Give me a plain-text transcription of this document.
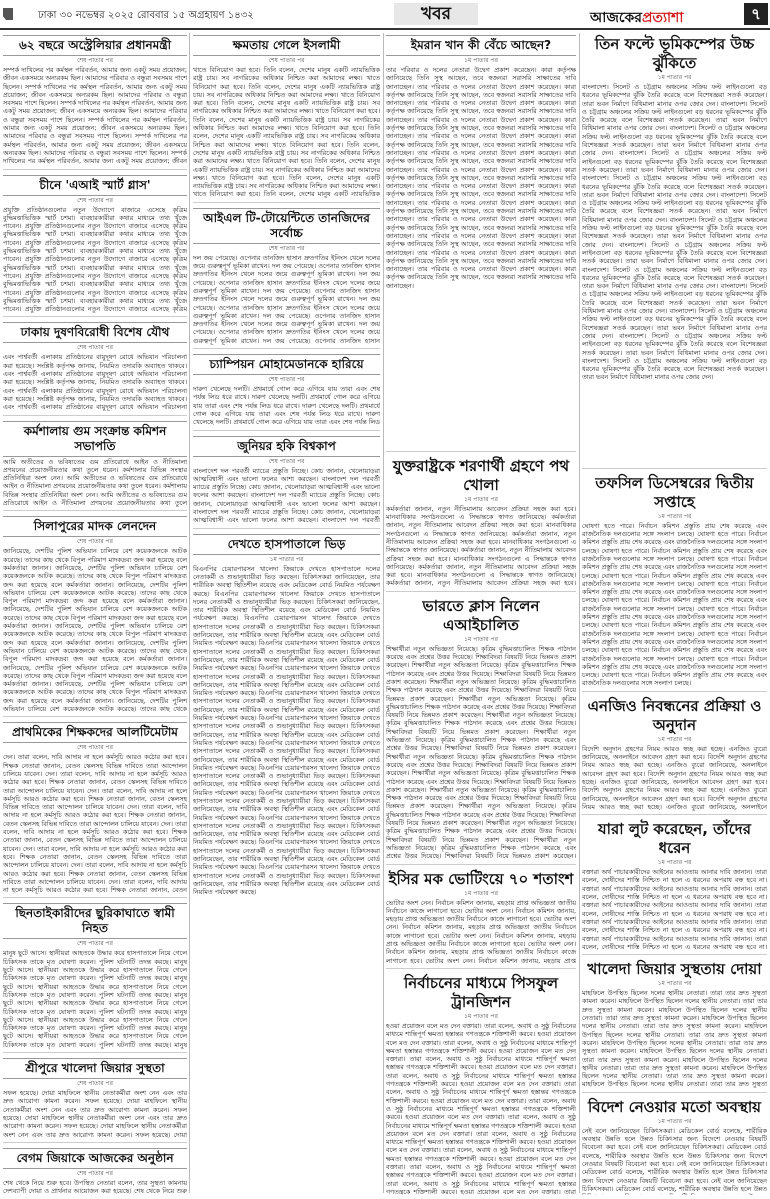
ঢাকা ৩০ নভেম্বর ২০২৫ রোববার ১৫ অগ্রহায়ণ ১৪৩২	খবর	আজকেরপ্রত্যাশা	৭
৬২ বছরে অস্ট্রেলিয়ার প্রধানমন্ত্রী
শেষ পাতার পর
সম্পর্ক দাখিলের পর কর্মস্থল পরিবর্তন, আমার জন্য একটু সময় প্রয়োজন; জীবন একসময়ে অন্যরকম ছিল। আমাদের পরিবার ও বন্ধুরা সবসময় পাশে ছিলেন। সম্পর্ক দাখিলের পর কর্মস্থল পরিবর্তন, আমার জন্য একটু সময় প্রয়োজন; জীবন একসময়ে অন্যরকম ছিল। আমাদের পরিবার ও বন্ধুরা সবসময় পাশে ছিলেন। সম্পর্ক দাখিলের পর কর্মস্থল পরিবর্তন, আমার জন্য একটু সময় প্রয়োজন; জীবন একসময়ে অন্যরকম ছিল। আমাদের পরিবার ও বন্ধুরা সবসময় পাশে ছিলেন। সম্পর্ক দাখিলের পর কর্মস্থল পরিবর্তন, আমার জন্য একটু সময় প্রয়োজন; জীবন একসময়ে অন্যরকম ছিল। আমাদের পরিবার ও বন্ধুরা সবসময় পাশে ছিলেন। সম্পর্ক দাখিলের পর কর্মস্থল পরিবর্তন, আমার জন্য একটু সময় প্রয়োজন; জীবন একসময়ে অন্যরকম ছিল। আমাদের পরিবার ও বন্ধুরা সবসময় পাশে ছিলেন। সম্পর্ক দাখিলের পর কর্মস্থল পরিবর্তন, আমার জন্য একটু সময় প্রয়োজন; জীবন
চীনে 'এআই স্মার্ট গ্লাস'
শেষ পাতার পর
প্রযুক্তি প্রতিষ্ঠানগুলোর নতুন উদ্যোগে বাজারে এসেছে কৃত্রিম বুদ্ধিমত্তাভিত্তিক স্মার্ট চশমা। ব্যবহারকারীরা কথার মাধ্যমে তথ্য খুঁজে পাবেন। প্রযুক্তি প্রতিষ্ঠানগুলোর নতুন উদ্যোগে বাজারে এসেছে কৃত্রিম বুদ্ধিমত্তাভিত্তিক স্মার্ট চশমা। ব্যবহারকারীরা কথার মাধ্যমে তথ্য খুঁজে পাবেন। প্রযুক্তি প্রতিষ্ঠানগুলোর নতুন উদ্যোগে বাজারে এসেছে কৃত্রিম বুদ্ধিমত্তাভিত্তিক স্মার্ট চশমা। ব্যবহারকারীরা কথার মাধ্যমে তথ্য খুঁজে পাবেন। প্রযুক্তি প্রতিষ্ঠানগুলোর নতুন উদ্যোগে বাজারে এসেছে কৃত্রিম বুদ্ধিমত্তাভিত্তিক স্মার্ট চশমা। ব্যবহারকারীরা কথার মাধ্যমে তথ্য খুঁজে পাবেন। প্রযুক্তি প্রতিষ্ঠানগুলোর নতুন উদ্যোগে বাজারে এসেছে কৃত্রিম বুদ্ধিমত্তাভিত্তিক স্মার্ট চশমা। ব্যবহারকারীরা কথার মাধ্যমে তথ্য খুঁজে পাবেন। প্রযুক্তি প্রতিষ্ঠানগুলোর নতুন উদ্যোগে বাজারে এসেছে কৃত্রিম বুদ্ধিমত্তাভিত্তিক স্মার্ট চশমা। ব্যবহারকারীরা কথার মাধ্যমে তথ্য খুঁজে পাবেন। প্রযুক্তি প্রতিষ্ঠানগুলোর নতুন উদ্যোগে বাজারে এসেছে কৃত্রিম
ঢাকায় দুষণবিরোধী বিশেষ যৌথ
শেষ পাতার পর
এবং পার্শ্ববর্তী এলাকায় প্রতিষ্ঠানের বায়ুদূষণ রোধে অভিযান পরিচালনা করা হয়েছে। সংশ্লিষ্ট কর্তৃপক্ষ জানায়, নিয়মিত তদারকি অব্যাহত থাকবে। এবং পার্শ্ববর্তী এলাকায় প্রতিষ্ঠানের বায়ুদূষণ রোধে অভিযান পরিচালনা করা হয়েছে। সংশ্লিষ্ট কর্তৃপক্ষ জানায়, নিয়মিত তদারকি অব্যাহত থাকবে। এবং পার্শ্ববর্তী এলাকায় প্রতিষ্ঠানের বায়ুদূষণ রোধে অভিযান পরিচালনা করা হয়েছে। সংশ্লিষ্ট কর্তৃপক্ষ জানায়, নিয়মিত তদারকি অব্যাহত থাকবে। এবং পার্শ্ববর্তী এলাকায় প্রতিষ্ঠানের বায়ুদূষণ রোধে অভিযান পরিচালনা
কর্মশালায় গুম সংক্রান্ত কমিশন সভাপতি
আমি অতীতের ও ভবিষ্যতের গুম প্রতিরোধে আইন ও নীতিমালা প্রণয়নের প্রয়োজনীয়তার কথা তুলে ধরেন। কর্মশালায় বিভিন্ন সংস্থার প্রতিনিধিরা অংশ নেন। আমি অতীতের ও ভবিষ্যতের গুম প্রতিরোধে আইন ও নীতিমালা প্রণয়নের প্রয়োজনীয়তার কথা তুলে ধরেন। কর্মশালায় বিভিন্ন সংস্থার প্রতিনিধিরা অংশ নেন। আমি অতীতের ও ভবিষ্যতের গুম প্রতিরোধে আইন ও নীতিমালা প্রণয়নের প্রয়োজনীয়তার কথা তুলে
সিলাপুরের মাদক লেনদেন
শেষ পাতার পর
জানিয়েছে, দেশটির পুলিশ অভিযান চালিয়ে বেশ কয়েকজনকে আটক করেছে। তাদের কাছ থেকে বিপুল পরিমাণ মাদকদ্রব্য জব্দ করা হয়েছে বলে কর্মকর্তারা জানান। জানিয়েছে, দেশটির পুলিশ অভিযান চালিয়ে বেশ কয়েকজনকে আটক করেছে। তাদের কাছ থেকে বিপুল পরিমাণ মাদকদ্রব্য জব্দ করা হয়েছে বলে কর্মকর্তারা জানান। জানিয়েছে, দেশটির পুলিশ অভিযান চালিয়ে বেশ কয়েকজনকে আটক করেছে। তাদের কাছ থেকে বিপুল পরিমাণ মাদকদ্রব্য জব্দ করা হয়েছে বলে কর্মকর্তারা জানান। জানিয়েছে, দেশটির পুলিশ অভিযান চালিয়ে বেশ কয়েকজনকে আটক করেছে। তাদের কাছ থেকে বিপুল পরিমাণ মাদকদ্রব্য জব্দ করা হয়েছে বলে কর্মকর্তারা জানান। জানিয়েছে, দেশটির পুলিশ অভিযান চালিয়ে বেশ কয়েকজনকে আটক করেছে। তাদের কাছ থেকে বিপুল পরিমাণ মাদকদ্রব্য জব্দ করা হয়েছে বলে কর্মকর্তারা জানান। জানিয়েছে, দেশটির পুলিশ অভিযান চালিয়ে বেশ কয়েকজনকে আটক করেছে। তাদের কাছ থেকে বিপুল পরিমাণ মাদকদ্রব্য জব্দ করা হয়েছে বলে কর্মকর্তারা জানান। জানিয়েছে, দেশটির পুলিশ অভিযান চালিয়ে বেশ কয়েকজনকে আটক করেছে। তাদের কাছ থেকে বিপুল পরিমাণ মাদকদ্রব্য জব্দ করা হয়েছে বলে কর্মকর্তারা জানান। জানিয়েছে, দেশটির পুলিশ অভিযান চালিয়ে বেশ কয়েকজনকে আটক করেছে। তাদের কাছ থেকে বিপুল পরিমাণ মাদকদ্রব্য জব্দ করা হয়েছে বলে কর্মকর্তারা জানান। জানিয়েছে, দেশটির পুলিশ অভিযান চালিয়ে বেশ কয়েকজনকে আটক করেছে। তাদের কাছ থেকে
প্রাথমিকের শিক্ষকদের আলটিমেটাম
শেষ পাতার পর
দেন। তারা বলেন, দাবি আদায় না হলে কর্মসূচি আরও কঠোর করা হবে। শিক্ষক নেতারা জানান, বেতন স্কেলসহ বিভিন্ন দাবিতে তারা আন্দোলন চালিয়ে যাবেন। দেন। তারা বলেন, দাবি আদায় না হলে কর্মসূচি আরও কঠোর করা হবে। শিক্ষক নেতারা জানান, বেতন স্কেলসহ বিভিন্ন দাবিতে তারা আন্দোলন চালিয়ে যাবেন। দেন। তারা বলেন, দাবি আদায় না হলে কর্মসূচি আরও কঠোর করা হবে। শিক্ষক নেতারা জানান, বেতন স্কেলসহ বিভিন্ন দাবিতে তারা আন্দোলন চালিয়ে যাবেন। দেন। তারা বলেন, দাবি আদায় না হলে কর্মসূচি আরও কঠোর করা হবে। শিক্ষক নেতারা জানান, বেতন স্কেলসহ বিভিন্ন দাবিতে তারা আন্দোলন চালিয়ে যাবেন। দেন। তারা বলেন, দাবি আদায় না হলে কর্মসূচি আরও কঠোর করা হবে। শিক্ষক নেতারা জানান, বেতন স্কেলসহ বিভিন্ন দাবিতে তারা আন্দোলন চালিয়ে যাবেন। দেন। তারা বলেন, দাবি আদায় না হলে কর্মসূচি আরও কঠোর করা হবে। শিক্ষক নেতারা জানান, বেতন স্কেলসহ বিভিন্ন দাবিতে তারা আন্দোলন চালিয়ে যাবেন। দেন। তারা বলেন, দাবি আদায় না হলে কর্মসূচি আরও কঠোর করা হবে। শিক্ষক নেতারা জানান, বেতন স্কেলসহ বিভিন্ন দাবিতে তারা আন্দোলন চালিয়ে যাবেন। দেন। তারা বলেন, দাবি আদায় না হলে কর্মসূচি আরও কঠোর করা হবে। শিক্ষক নেতারা জানান, বেতন
ছিনতাইকারীদের ছুরিকাঘাতে স্বামী নিহত
শেষ পাতার পর
মানুষ ছুটে আসে। স্থানীয়রা আহতকে উদ্ধার করে হাসপাতালে নিয়ে গেলে চিকিৎসক তাকে মৃত ঘোষণা করেন। পুলিশ ঘটনাটি তদন্ত করছে। মানুষ ছুটে আসে। স্থানীয়রা আহতকে উদ্ধার করে হাসপাতালে নিয়ে গেলে চিকিৎসক তাকে মৃত ঘোষণা করেন। পুলিশ ঘটনাটি তদন্ত করছে। মানুষ ছুটে আসে। স্থানীয়রা আহতকে উদ্ধার করে হাসপাতালে নিয়ে গেলে চিকিৎসক তাকে মৃত ঘোষণা করেন। পুলিশ ঘটনাটি তদন্ত করছে। মানুষ ছুটে আসে। স্থানীয়রা আহতকে উদ্ধার করে হাসপাতালে নিয়ে গেলে চিকিৎসক তাকে মৃত ঘোষণা করেন। পুলিশ ঘটনাটি তদন্ত করছে। মানুষ ছুটে আসে। স্থানীয়রা আহতকে উদ্ধার করে হাসপাতালে নিয়ে গেলে চিকিৎসক তাকে মৃত ঘোষণা করেন। পুলিশ ঘটনাটি তদন্ত করছে। মানুষ ছুটে আসে। স্থানীয়রা আহতকে উদ্ধার করে হাসপাতালে নিয়ে গেলে চিকিৎসক তাকে মৃত ঘোষণা করেন। পুলিশ ঘটনাটি তদন্ত করছে। মানুষ
শ্রীপুরে খালেদা জিয়ার সুস্থতা
শেষ পাতার পর
সফল হয়েছে। দোয়া মাহফিলে স্থানীয় নেতাকর্মীরা অংশ নেন এবং তার দ্রুত আরোগ্য কামনা করেন। সফল হয়েছে। দোয়া মাহফিলে স্থানীয় নেতাকর্মীরা অংশ নেন এবং তার দ্রুত আরোগ্য কামনা করেন। সফল হয়েছে। দোয়া মাহফিলে স্থানীয় নেতাকর্মীরা অংশ নেন এবং তার দ্রুত আরোগ্য কামনা করেন। সফল হয়েছে। দোয়া মাহফিলে স্থানীয় নেতাকর্মীরা অংশ নেন এবং তার দ্রুত আরোগ্য কামনা করেন। সফল হয়েছে। দোয়া
বেগম জিয়াকে আজকের অনুষ্ঠান
শেষ পাতার পর
শেষ থেকে নিয়ে শুরু হবে। উপস্থিত নেতারা বলেন, তার সুস্থতা কামনায় দেশব্যাপী দোয়া ও প্রার্থনার আয়োজন করা হয়েছে। শেষ থেকে নিয়ে শুরু
ক্ষমতায় গেলে ইসলামী
শেষ পাতার পর
খাতে বিনিয়োগ করা হবে। তিনি বলেন, দেশের মানুষ একটি ন্যায়ভিত্তিক রাষ্ট্র চায়। সব নাগরিকের অধিকার নিশ্চিত করা আমাদের লক্ষ্য। খাতে বিনিয়োগ করা হবে। তিনি বলেন, দেশের মানুষ একটি ন্যায়ভিত্তিক রাষ্ট্র চায়। সব নাগরিকের অধিকার নিশ্চিত করা আমাদের লক্ষ্য। খাতে বিনিয়োগ করা হবে। তিনি বলেন, দেশের মানুষ একটি ন্যায়ভিত্তিক রাষ্ট্র চায়। সব নাগরিকের অধিকার নিশ্চিত করা আমাদের লক্ষ্য। খাতে বিনিয়োগ করা হবে। তিনি বলেন, দেশের মানুষ একটি ন্যায়ভিত্তিক রাষ্ট্র চায়। সব নাগরিকের অধিকার নিশ্চিত করা আমাদের লক্ষ্য। খাতে বিনিয়োগ করা হবে। তিনি বলেন, দেশের মানুষ একটি ন্যায়ভিত্তিক রাষ্ট্র চায়। সব নাগরিকের অধিকার নিশ্চিত করা আমাদের লক্ষ্য। খাতে বিনিয়োগ করা হবে। তিনি বলেন, দেশের মানুষ একটি ন্যায়ভিত্তিক রাষ্ট্র চায়। সব নাগরিকের অধিকার নিশ্চিত করা আমাদের লক্ষ্য। খাতে বিনিয়োগ করা হবে। তিনি বলেন, দেশের মানুষ একটি ন্যায়ভিত্তিক রাষ্ট্র চায়। সব নাগরিকের অধিকার নিশ্চিত করা আমাদের লক্ষ্য। খাতে বিনিয়োগ করা হবে। তিনি বলেন, দেশের মানুষ একটি ন্যায়ভিত্তিক রাষ্ট্র চায়। সব নাগরিকের অধিকার নিশ্চিত করা আমাদের লক্ষ্য। খাতে বিনিয়োগ করা হবে। তিনি বলেন, দেশের মানুষ একটি ন্যায়ভিত্তিক
আইএল টি-টোয়েন্টিতে তানজিদের সর্বোচ্চ
শেষ পাতার পর
দল জয় পেয়েছে। ওপেনার তানজিদ হাসান দ্রুতগতির ইনিংস খেলে দলের জয়ে গুরুত্বপূর্ণ ভূমিকা রাখেন। দল জয় পেয়েছে। ওপেনার তানজিদ হাসান দ্রুতগতির ইনিংস খেলে দলের জয়ে গুরুত্বপূর্ণ ভূমিকা রাখেন। দল জয় পেয়েছে। ওপেনার তানজিদ হাসান দ্রুতগতির ইনিংস খেলে দলের জয়ে গুরুত্বপূর্ণ ভূমিকা রাখেন। দল জয় পেয়েছে। ওপেনার তানজিদ হাসান দ্রুতগতির ইনিংস খেলে দলের জয়ে গুরুত্বপূর্ণ ভূমিকা রাখেন। দল জয় পেয়েছে। ওপেনার তানজিদ হাসান দ্রুতগতির ইনিংস খেলে দলের জয়ে গুরুত্বপূর্ণ ভূমিকা রাখেন। দল জয় পেয়েছে। ওপেনার তানজিদ হাসান দ্রুতগতির ইনিংস খেলে দলের জয়ে গুরুত্বপূর্ণ ভূমিকা রাখেন। দল জয় পেয়েছে। ওপেনার তানজিদ হাসান দ্রুতগতির ইনিংস খেলে দলের জয়ে গুরুত্বপূর্ণ ভূমিকা রাখেন। দল জয় পেয়েছে। ওপেনার তানজিদ হাসান
চ্যাম্পিয়ন মোহামেডানকে হারিয়ে
শেষ পাতার পর
দারুণ খেলেছে দলটি। প্রথমার্ধে গোল করে এগিয়ে যায় তারা এবং শেষ পর্যন্ত লিড ধরে রাখে। দারুণ খেলেছে দলটি। প্রথমার্ধে গোল করে এগিয়ে যায় তারা এবং শেষ পর্যন্ত লিড ধরে রাখে। দারুণ খেলেছে দলটি। প্রথমার্ধে গোল করে এগিয়ে যায় তারা এবং শেষ পর্যন্ত লিড ধরে রাখে। দারুণ খেলেছে দলটি। প্রথমার্ধে গোল করে এগিয়ে যায় তারা এবং শেষ পর্যন্ত লিড
জুনিয়র হকি বিশ্বকাপ
শেষ পাতার পর
বাংলাদেশ দল পরবর্তী ম্যাচের প্রস্তুতি নিচ্ছে। কোচ জানান, খেলোয়াড়রা আত্মবিশ্বাসী এবং ভালো ফলের আশা করছেন। বাংলাদেশ দল পরবর্তী ম্যাচের প্রস্তুতি নিচ্ছে। কোচ জানান, খেলোয়াড়রা আত্মবিশ্বাসী এবং ভালো ফলের আশা করছেন। বাংলাদেশ দল পরবর্তী ম্যাচের প্রস্তুতি নিচ্ছে। কোচ জানান, খেলোয়াড়রা আত্মবিশ্বাসী এবং ভালো ফলের আশা করছেন। বাংলাদেশ দল পরবর্তী ম্যাচের প্রস্তুতি নিচ্ছে। কোচ জানান, খেলোয়াড়রা আত্মবিশ্বাসী এবং ভালো ফলের আশা করছেন। বাংলাদেশ দল পরবর্তী
দেখতে হাসপাতালে ভিড়
১ম পাতার পর
বিএনপির চেয়ারপারসন খালেদা জিয়াকে দেখতে হাসপাতালে দলের নেতাকর্মী ও শুভানুধ্যায়ীরা ভিড় করছেন। চিকিৎসকরা জানিয়েছেন, তার শারীরিক অবস্থা স্থিতিশীল রয়েছে এবং মেডিকেল বোর্ড নিয়মিত পর্যবেক্ষণ করছে। বিএনপির চেয়ারপারসন খালেদা জিয়াকে দেখতে হাসপাতালে দলের নেতাকর্মী ও শুভানুধ্যায়ীরা ভিড় করছেন। চিকিৎসকরা জানিয়েছেন, তার শারীরিক অবস্থা স্থিতিশীল রয়েছে এবং মেডিকেল বোর্ড নিয়মিত পর্যবেক্ষণ করছে। বিএনপির চেয়ারপারসন খালেদা জিয়াকে দেখতে হাসপাতালে দলের নেতাকর্মী ও শুভানুধ্যায়ীরা ভিড় করছেন। চিকিৎসকরা জানিয়েছেন, তার শারীরিক অবস্থা স্থিতিশীল রয়েছে এবং মেডিকেল বোর্ড নিয়মিত পর্যবেক্ষণ করছে। বিএনপির চেয়ারপারসন খালেদা জিয়াকে দেখতে হাসপাতালে দলের নেতাকর্মী ও শুভানুধ্যায়ীরা ভিড় করছেন। চিকিৎসকরা জানিয়েছেন, তার শারীরিক অবস্থা স্থিতিশীল রয়েছে এবং মেডিকেল বোর্ড নিয়মিত পর্যবেক্ষণ করছে। বিএনপির চেয়ারপারসন খালেদা জিয়াকে দেখতে হাসপাতালে দলের নেতাকর্মী ও শুভানুধ্যায়ীরা ভিড় করছেন। চিকিৎসকরা জানিয়েছেন, তার শারীরিক অবস্থা স্থিতিশীল রয়েছে এবং মেডিকেল বোর্ড নিয়মিত পর্যবেক্ষণ করছে। বিএনপির চেয়ারপারসন খালেদা জিয়াকে দেখতে হাসপাতালে দলের নেতাকর্মী ও শুভানুধ্যায়ীরা ভিড় করছেন। চিকিৎসকরা জানিয়েছেন, তার শারীরিক অবস্থা স্থিতিশীল রয়েছে এবং মেডিকেল বোর্ড নিয়মিত পর্যবেক্ষণ করছে। বিএনপির চেয়ারপারসন খালেদা জিয়াকে দেখতে হাসপাতালে দলের নেতাকর্মী ও শুভানুধ্যায়ীরা ভিড় করছেন। চিকিৎসকরা জানিয়েছেন, তার শারীরিক অবস্থা স্থিতিশীল রয়েছে এবং মেডিকেল বোর্ড নিয়মিত পর্যবেক্ষণ করছে। বিএনপির চেয়ারপারসন খালেদা জিয়াকে দেখতে হাসপাতালে দলের নেতাকর্মী ও শুভানুধ্যায়ীরা ভিড় করছেন। চিকিৎসকরা জানিয়েছেন, তার শারীরিক অবস্থা স্থিতিশীল রয়েছে এবং মেডিকেল বোর্ড নিয়মিত পর্যবেক্ষণ করছে। বিএনপির চেয়ারপারসন খালেদা জিয়াকে দেখতে হাসপাতালে দলের নেতাকর্মী ও শুভানুধ্যায়ীরা ভিড় করছেন। চিকিৎসকরা জানিয়েছেন, তার শারীরিক অবস্থা স্থিতিশীল রয়েছে এবং মেডিকেল বোর্ড নিয়মিত পর্যবেক্ষণ করছে। বিএনপির চেয়ারপারসন খালেদা জিয়াকে দেখতে হাসপাতালে দলের নেতাকর্মী ও শুভানুধ্যায়ীরা ভিড় করছেন। চিকিৎসকরা জানিয়েছেন, তার শারীরিক অবস্থা স্থিতিশীল রয়েছে এবং মেডিকেল বোর্ড নিয়মিত পর্যবেক্ষণ করছে। বিএনপির চেয়ারপারসন খালেদা জিয়াকে দেখতে হাসপাতালে দলের নেতাকর্মী ও শুভানুধ্যায়ীরা ভিড় করছেন। চিকিৎসকরা জানিয়েছেন, তার শারীরিক অবস্থা স্থিতিশীল রয়েছে এবং মেডিকেল বোর্ড নিয়মিত পর্যবেক্ষণ করছে। বিএনপির চেয়ারপারসন খালেদা জিয়াকে দেখতে হাসপাতালে দলের নেতাকর্মী ও শুভানুধ্যায়ীরা ভিড় করছেন। চিকিৎসকরা জানিয়েছেন, তার শারীরিক অবস্থা স্থিতিশীল রয়েছে এবং মেডিকেল বোর্ড নিয়মিত পর্যবেক্ষণ করছে। বিএনপির চেয়ারপারসন খালেদা জিয়াকে দেখতে হাসপাতালে দলের নেতাকর্মী ও শুভানুধ্যায়ীরা ভিড় করছেন। চিকিৎসকরা জানিয়েছেন, তার শারীরিক অবস্থা স্থিতিশীল রয়েছে এবং মেডিকেল বোর্ড নিয়মিত পর্যবেক্ষণ করছে।
ইমরান খান কী বেঁচে আছেন?
১ম পাতার পর
তার পরিবার ও দলের নেতারা উদ্বেগ প্রকাশ করেছেন। কারা কর্তৃপক্ষ জানিয়েছে তিনি সুস্থ আছেন, তবে স্বজনরা সরাসরি সাক্ষাতের দাবি জানাচ্ছেন। তার পরিবার ও দলের নেতারা উদ্বেগ প্রকাশ করেছেন। কারা কর্তৃপক্ষ জানিয়েছে তিনি সুস্থ আছেন, তবে স্বজনরা সরাসরি সাক্ষাতের দাবি জানাচ্ছেন। তার পরিবার ও দলের নেতারা উদ্বেগ প্রকাশ করেছেন। কারা কর্তৃপক্ষ জানিয়েছে তিনি সুস্থ আছেন, তবে স্বজনরা সরাসরি সাক্ষাতের দাবি জানাচ্ছেন। তার পরিবার ও দলের নেতারা উদ্বেগ প্রকাশ করেছেন। কারা কর্তৃপক্ষ জানিয়েছে তিনি সুস্থ আছেন, তবে স্বজনরা সরাসরি সাক্ষাতের দাবি জানাচ্ছেন। তার পরিবার ও দলের নেতারা উদ্বেগ প্রকাশ করেছেন। কারা কর্তৃপক্ষ জানিয়েছে তিনি সুস্থ আছেন, তবে স্বজনরা সরাসরি সাক্ষাতের দাবি জানাচ্ছেন। তার পরিবার ও দলের নেতারা উদ্বেগ প্রকাশ করেছেন। কারা কর্তৃপক্ষ জানিয়েছে তিনি সুস্থ আছেন, তবে স্বজনরা সরাসরি সাক্ষাতের দাবি জানাচ্ছেন। তার পরিবার ও দলের নেতারা উদ্বেগ প্রকাশ করেছেন। কারা কর্তৃপক্ষ জানিয়েছে তিনি সুস্থ আছেন, তবে স্বজনরা সরাসরি সাক্ষাতের দাবি জানাচ্ছেন। তার পরিবার ও দলের নেতারা উদ্বেগ প্রকাশ করেছেন। কারা কর্তৃপক্ষ জানিয়েছে তিনি সুস্থ আছেন, তবে স্বজনরা সরাসরি সাক্ষাতের দাবি জানাচ্ছেন। তার পরিবার ও দলের নেতারা উদ্বেগ প্রকাশ করেছেন। কারা কর্তৃপক্ষ জানিয়েছে তিনি সুস্থ আছেন, তবে স্বজনরা সরাসরি সাক্ষাতের দাবি জানাচ্ছেন। তার পরিবার ও দলের নেতারা উদ্বেগ প্রকাশ করেছেন। কারা কর্তৃপক্ষ জানিয়েছে তিনি সুস্থ আছেন, তবে স্বজনরা সরাসরি সাক্ষাতের দাবি জানাচ্ছেন। তার পরিবার ও দলের নেতারা উদ্বেগ প্রকাশ করেছেন। কারা কর্তৃপক্ষ জানিয়েছে তিনি সুস্থ আছেন, তবে স্বজনরা সরাসরি সাক্ষাতের দাবি জানাচ্ছেন। তার পরিবার ও দলের নেতারা উদ্বেগ প্রকাশ করেছেন। কারা কর্তৃপক্ষ জানিয়েছে তিনি সুস্থ আছেন, তবে স্বজনরা সরাসরি সাক্ষাতের দাবি জানাচ্ছেন। তার পরিবার ও দলের নেতারা উদ্বেগ প্রকাশ করেছেন। কারা কর্তৃপক্ষ জানিয়েছে তিনি সুস্থ আছেন, তবে স্বজনরা সরাসরি সাক্ষাতের দাবি জানাচ্ছেন।
যুক্তরাষ্ট্রকে শরণার্থী গ্রহণে পথ খোলা
১ম পাতার পর
কর্মকর্তারা জানান, নতুন নীতিমালায় আবেদন প্রক্রিয়া সহজ করা হবে। মানবাধিকার সংগঠনগুলো এ সিদ্ধান্তকে স্বাগত জানিয়েছে। কর্মকর্তারা জানান, নতুন নীতিমালায় আবেদন প্রক্রিয়া সহজ করা হবে। মানবাধিকার সংগঠনগুলো এ সিদ্ধান্তকে স্বাগত জানিয়েছে। কর্মকর্তারা জানান, নতুন নীতিমালায় আবেদন প্রক্রিয়া সহজ করা হবে। মানবাধিকার সংগঠনগুলো এ সিদ্ধান্তকে স্বাগত জানিয়েছে। কর্মকর্তারা জানান, নতুন নীতিমালায় আবেদন প্রক্রিয়া সহজ করা হবে। মানবাধিকার সংগঠনগুলো এ সিদ্ধান্তকে স্বাগত জানিয়েছে। কর্মকর্তারা জানান, নতুন নীতিমালায় আবেদন প্রক্রিয়া সহজ করা হবে। মানবাধিকার সংগঠনগুলো এ সিদ্ধান্তকে স্বাগত জানিয়েছে। কর্মকর্তারা জানান, নতুন নীতিমালায় আবেদন প্রক্রিয়া সহজ করা হবে।
ভারতে ক্লাস নিলেন এআইচালিত
১ম পাতার পর
শিক্ষার্থীরা নতুন অভিজ্ঞতা নিয়েছে। কৃত্রিম বুদ্ধিমত্তাচালিত শিক্ষক পাঠদান করেছে এবং প্রশ্নের উত্তর দিয়েছে। শিক্ষাবিদরা বিষয়টি নিয়ে ভিন্নমত প্রকাশ করেছেন। শিক্ষার্থীরা নতুন অভিজ্ঞতা নিয়েছে। কৃত্রিম বুদ্ধিমত্তাচালিত শিক্ষক পাঠদান করেছে এবং প্রশ্নের উত্তর দিয়েছে। শিক্ষাবিদরা বিষয়টি নিয়ে ভিন্নমত প্রকাশ করেছেন। শিক্ষার্থীরা নতুন অভিজ্ঞতা নিয়েছে। কৃত্রিম বুদ্ধিমত্তাচালিত শিক্ষক পাঠদান করেছে এবং প্রশ্নের উত্তর দিয়েছে। শিক্ষাবিদরা বিষয়টি নিয়ে ভিন্নমত প্রকাশ করেছেন। শিক্ষার্থীরা নতুন অভিজ্ঞতা নিয়েছে। কৃত্রিম বুদ্ধিমত্তাচালিত শিক্ষক পাঠদান করেছে এবং প্রশ্নের উত্তর দিয়েছে। শিক্ষাবিদরা বিষয়টি নিয়ে ভিন্নমত প্রকাশ করেছেন। শিক্ষার্থীরা নতুন অভিজ্ঞতা নিয়েছে। কৃত্রিম বুদ্ধিমত্তাচালিত শিক্ষক পাঠদান করেছে এবং প্রশ্নের উত্তর দিয়েছে। শিক্ষাবিদরা বিষয়টি নিয়ে ভিন্নমত প্রকাশ করেছেন। শিক্ষার্থীরা নতুন অভিজ্ঞতা নিয়েছে। কৃত্রিম বুদ্ধিমত্তাচালিত শিক্ষক পাঠদান করেছে এবং প্রশ্নের উত্তর দিয়েছে। শিক্ষাবিদরা বিষয়টি নিয়ে ভিন্নমত প্রকাশ করেছেন। শিক্ষার্থীরা নতুন অভিজ্ঞতা নিয়েছে। কৃত্রিম বুদ্ধিমত্তাচালিত শিক্ষক পাঠদান করেছে এবং প্রশ্নের উত্তর দিয়েছে। শিক্ষাবিদরা বিষয়টি নিয়ে ভিন্নমত প্রকাশ করেছেন। শিক্ষার্থীরা নতুন অভিজ্ঞতা নিয়েছে। কৃত্রিম বুদ্ধিমত্তাচালিত শিক্ষক পাঠদান করেছে এবং প্রশ্নের উত্তর দিয়েছে। শিক্ষাবিদরা বিষয়টি নিয়ে ভিন্নমত প্রকাশ করেছেন। শিক্ষার্থীরা নতুন অভিজ্ঞতা নিয়েছে। কৃত্রিম বুদ্ধিমত্তাচালিত শিক্ষক পাঠদান করেছে এবং প্রশ্নের উত্তর দিয়েছে। শিক্ষাবিদরা বিষয়টি নিয়ে ভিন্নমত প্রকাশ করেছেন। শিক্ষার্থীরা নতুন অভিজ্ঞতা নিয়েছে। কৃত্রিম বুদ্ধিমত্তাচালিত শিক্ষক পাঠদান করেছে এবং প্রশ্নের উত্তর দিয়েছে। শিক্ষাবিদরা বিষয়টি নিয়ে ভিন্নমত প্রকাশ করেছেন। শিক্ষার্থীরা নতুন অভিজ্ঞতা নিয়েছে। কৃত্রিম বুদ্ধিমত্তাচালিত শিক্ষক পাঠদান করেছে এবং প্রশ্নের উত্তর দিয়েছে। শিক্ষাবিদরা বিষয়টি নিয়ে ভিন্নমত প্রকাশ করেছেন। শিক্ষার্থীরা নতুন অভিজ্ঞতা নিয়েছে। কৃত্রিম বুদ্ধিমত্তাচালিত শিক্ষক পাঠদান করেছে এবং প্রশ্নের উত্তর দিয়েছে। শিক্ষাবিদরা বিষয়টি নিয়ে ভিন্নমত প্রকাশ করেছেন।
ইসির মক ভোটিংয়ে ৭০ শতাংশ
১ম পাতার পর
ভোটার অংশ নেন। নির্বাচন কমিশন জানায়, মহড়ায় প্রাপ্ত অভিজ্ঞতা জাতীয় নির্বাচনে কাজে লাগানো হবে। ভোটার অংশ নেন। নির্বাচন কমিশন জানায়, মহড়ায় প্রাপ্ত অভিজ্ঞতা জাতীয় নির্বাচনে কাজে লাগানো হবে। ভোটার অংশ নেন। নির্বাচন কমিশন জানায়, মহড়ায় প্রাপ্ত অভিজ্ঞতা জাতীয় নির্বাচনে কাজে লাগানো হবে। ভোটার অংশ নেন। নির্বাচন কমিশন জানায়, মহড়ায় প্রাপ্ত অভিজ্ঞতা জাতীয় নির্বাচনে কাজে লাগানো হবে। ভোটার অংশ নেন। নির্বাচন কমিশন জানায়, মহড়ায় প্রাপ্ত অভিজ্ঞতা জাতীয় নির্বাচনে কাজে লাগানো হবে। ভোটার অংশ নেন। নির্বাচন কমিশন জানায়, মহড়ায় প্রাপ্ত
নির্বাচনের মাধ্যমে পিসফুল ট্রানজিশন
১ম পাতার পর
হওয়া প্রয়োজন বলে মত দেন বক্তারা। তারা বলেন, অবাধ ও সুষ্ঠু নির্বাচনের মাধ্যমে শান্তিপূর্ণ ক্ষমতা হস্তান্তর গণতন্ত্রকে শক্তিশালী করবে। হওয়া প্রয়োজন বলে মত দেন বক্তারা। তারা বলেন, অবাধ ও সুষ্ঠু নির্বাচনের মাধ্যমে শান্তিপূর্ণ ক্ষমতা হস্তান্তর গণতন্ত্রকে শক্তিশালী করবে। হওয়া প্রয়োজন বলে মত দেন বক্তারা। তারা বলেন, অবাধ ও সুষ্ঠু নির্বাচনের মাধ্যমে শান্তিপূর্ণ ক্ষমতা হস্তান্তর গণতন্ত্রকে শক্তিশালী করবে। হওয়া প্রয়োজন বলে মত দেন বক্তারা। তারা বলেন, অবাধ ও সুষ্ঠু নির্বাচনের মাধ্যমে শান্তিপূর্ণ ক্ষমতা হস্তান্তর গণতন্ত্রকে শক্তিশালী করবে। হওয়া প্রয়োজন বলে মত দেন বক্তারা। তারা বলেন, অবাধ ও সুষ্ঠু নির্বাচনের মাধ্যমে শান্তিপূর্ণ ক্ষমতা হস্তান্তর গণতন্ত্রকে শক্তিশালী করবে। হওয়া প্রয়োজন বলে মত দেন বক্তারা। তারা বলেন, অবাধ ও সুষ্ঠু নির্বাচনের মাধ্যমে শান্তিপূর্ণ ক্ষমতা হস্তান্তর গণতন্ত্রকে শক্তিশালী করবে। হওয়া প্রয়োজন বলে মত দেন বক্তারা। তারা বলেন, অবাধ ও সুষ্ঠু নির্বাচনের মাধ্যমে শান্তিপূর্ণ ক্ষমতা হস্তান্তর গণতন্ত্রকে শক্তিশালী করবে। হওয়া প্রয়োজন বলে মত দেন বক্তারা। তারা বলেন, অবাধ ও সুষ্ঠু নির্বাচনের মাধ্যমে শান্তিপূর্ণ ক্ষমতা হস্তান্তর গণতন্ত্রকে শক্তিশালী করবে। হওয়া প্রয়োজন বলে মত দেন বক্তারা। তারা বলেন, অবাধ ও সুষ্ঠু নির্বাচনের মাধ্যমে শান্তিপূর্ণ ক্ষমতা হস্তান্তর গণতন্ত্রকে শক্তিশালী করবে। হওয়া প্রয়োজন বলে মত দেন বক্তারা। তারা বলেন, অবাধ ও সুষ্ঠু নির্বাচনের মাধ্যমে শান্তিপূর্ণ ক্ষমতা হস্তান্তর গণতন্ত্রকে শক্তিশালী করবে। হওয়া প্রয়োজন বলে মত দেন বক্তারা। তারা বলেন, অবাধ ও সুষ্ঠু নির্বাচনের মাধ্যমে শান্তিপূর্ণ ক্ষমতা হস্তান্তর গণতন্ত্রকে শক্তিশালী করবে। হওয়া প্রয়োজন বলে মত দেন বক্তারা। তারা
তিন ফল্টে ভূমিকম্পের উচ্চ ঝুঁকিতে
১ম পাতার পর
বাংলাদেশ। সিলেট ও চট্টগ্রাম অঞ্চলের সক্রিয় ফল্ট লাইনগুলো বড় ধরনের ভূমিকম্পের ঝুঁকি তৈরি করেছে বলে বিশেষজ্ঞরা সতর্ক করেছেন। তারা ভবন নির্মাণে বিধিমালা মানার ওপর জোর দেন। বাংলাদেশ। সিলেট ও চট্টগ্রাম অঞ্চলের সক্রিয় ফল্ট লাইনগুলো বড় ধরনের ভূমিকম্পের ঝুঁকি তৈরি করেছে বলে বিশেষজ্ঞরা সতর্ক করেছেন। তারা ভবন নির্মাণে বিধিমালা মানার ওপর জোর দেন। বাংলাদেশ। সিলেট ও চট্টগ্রাম অঞ্চলের সক্রিয় ফল্ট লাইনগুলো বড় ধরনের ভূমিকম্পের ঝুঁকি তৈরি করেছে বলে বিশেষজ্ঞরা সতর্ক করেছেন। তারা ভবন নির্মাণে বিধিমালা মানার ওপর জোর দেন। বাংলাদেশ। সিলেট ও চট্টগ্রাম অঞ্চলের সক্রিয় ফল্ট লাইনগুলো বড় ধরনের ভূমিকম্পের ঝুঁকি তৈরি করেছে বলে বিশেষজ্ঞরা সতর্ক করেছেন। তারা ভবন নির্মাণে বিধিমালা মানার ওপর জোর দেন। বাংলাদেশ। সিলেট ও চট্টগ্রাম অঞ্চলের সক্রিয় ফল্ট লাইনগুলো বড় ধরনের ভূমিকম্পের ঝুঁকি তৈরি করেছে বলে বিশেষজ্ঞরা সতর্ক করেছেন। তারা ভবন নির্মাণে বিধিমালা মানার ওপর জোর দেন। বাংলাদেশ। সিলেট ও চট্টগ্রাম অঞ্চলের সক্রিয় ফল্ট লাইনগুলো বড় ধরনের ভূমিকম্পের ঝুঁকি তৈরি করেছে বলে বিশেষজ্ঞরা সতর্ক করেছেন। তারা ভবন নির্মাণে বিধিমালা মানার ওপর জোর দেন। বাংলাদেশ। সিলেট ও চট্টগ্রাম অঞ্চলের সক্রিয় ফল্ট লাইনগুলো বড় ধরনের ভূমিকম্পের ঝুঁকি তৈরি করেছে বলে বিশেষজ্ঞরা সতর্ক করেছেন। তারা ভবন নির্মাণে বিধিমালা মানার ওপর জোর দেন। বাংলাদেশ। সিলেট ও চট্টগ্রাম অঞ্চলের সক্রিয় ফল্ট লাইনগুলো বড় ধরনের ভূমিকম্পের ঝুঁকি তৈরি করেছে বলে বিশেষজ্ঞরা সতর্ক করেছেন। তারা ভবন নির্মাণে বিধিমালা মানার ওপর জোর দেন। বাংলাদেশ। সিলেট ও চট্টগ্রাম অঞ্চলের সক্রিয় ফল্ট লাইনগুলো বড় ধরনের ভূমিকম্পের ঝুঁকি তৈরি করেছে বলে বিশেষজ্ঞরা সতর্ক করেছেন। তারা ভবন নির্মাণে বিধিমালা মানার ওপর জোর দেন। বাংলাদেশ। সিলেট ও চট্টগ্রাম অঞ্চলের সক্রিয় ফল্ট লাইনগুলো বড় ধরনের ভূমিকম্পের ঝুঁকি তৈরি করেছে বলে বিশেষজ্ঞরা সতর্ক করেছেন। তারা ভবন নির্মাণে বিধিমালা মানার ওপর জোর দেন। বাংলাদেশ। সিলেট ও চট্টগ্রাম অঞ্চলের সক্রিয় ফল্ট লাইনগুলো বড় ধরনের ভূমিকম্পের ঝুঁকি তৈরি করেছে বলে বিশেষজ্ঞরা সতর্ক করেছেন। তারা ভবন নির্মাণে বিধিমালা মানার ওপর জোর দেন। বাংলাদেশ। সিলেট ও চট্টগ্রাম অঞ্চলের সক্রিয় ফল্ট লাইনগুলো বড় ধরনের ভূমিকম্পের ঝুঁকি তৈরি করেছে বলে বিশেষজ্ঞরা সতর্ক করেছেন। তারা ভবন নির্মাণে বিধিমালা মানার ওপর জোর দেন। বাংলাদেশ। সিলেট ও চট্টগ্রাম অঞ্চলের সক্রিয় ফল্ট লাইনগুলো বড় ধরনের ভূমিকম্পের ঝুঁকি তৈরি করেছে বলে বিশেষজ্ঞরা সতর্ক করেছেন। তারা ভবন নির্মাণে বিধিমালা মানার ওপর জোর দেন।
তফসিল ডিসেম্বরের দ্বিতীয় সপ্তাহে
১ম পাতার পর
ঘোষণা হতে পারে। নির্বাচন কমিশন প্রস্তুতি প্রায় শেষ করেছে এবং রাজনৈতিক দলগুলোর সঙ্গে সংলাপ চলছে। ঘোষণা হতে পারে। নির্বাচন কমিশন প্রস্তুতি প্রায় শেষ করেছে এবং রাজনৈতিক দলগুলোর সঙ্গে সংলাপ চলছে। ঘোষণা হতে পারে। নির্বাচন কমিশন প্রস্তুতি প্রায় শেষ করেছে এবং রাজনৈতিক দলগুলোর সঙ্গে সংলাপ চলছে। ঘোষণা হতে পারে। নির্বাচন কমিশন প্রস্তুতি প্রায় শেষ করেছে এবং রাজনৈতিক দলগুলোর সঙ্গে সংলাপ চলছে। ঘোষণা হতে পারে। নির্বাচন কমিশন প্রস্তুতি প্রায় শেষ করেছে এবং রাজনৈতিক দলগুলোর সঙ্গে সংলাপ চলছে। ঘোষণা হতে পারে। নির্বাচন কমিশন প্রস্তুতি প্রায় শেষ করেছে এবং রাজনৈতিক দলগুলোর সঙ্গে সংলাপ চলছে। ঘোষণা হতে পারে। নির্বাচন কমিশন প্রস্তুতি প্রায় শেষ করেছে এবং রাজনৈতিক দলগুলোর সঙ্গে সংলাপ চলছে। ঘোষণা হতে পারে। নির্বাচন কমিশন প্রস্তুতি প্রায় শেষ করেছে এবং রাজনৈতিক দলগুলোর সঙ্গে সংলাপ চলছে। ঘোষণা হতে পারে। নির্বাচন কমিশন প্রস্তুতি প্রায় শেষ করেছে এবং রাজনৈতিক দলগুলোর সঙ্গে সংলাপ চলছে। ঘোষণা হতে পারে। নির্বাচন কমিশন প্রস্তুতি প্রায় শেষ করেছে এবং রাজনৈতিক দলগুলোর সঙ্গে সংলাপ চলছে। ঘোষণা হতে পারে। নির্বাচন কমিশন প্রস্তুতি প্রায় শেষ করেছে এবং রাজনৈতিক দলগুলোর সঙ্গে সংলাপ চলছে। ঘোষণা হতে পারে। নির্বাচন কমিশন প্রস্তুতি প্রায় শেষ করেছে এবং রাজনৈতিক দলগুলোর সঙ্গে সংলাপ চলছে। ঘোষণা হতে পারে। নির্বাচন কমিশন প্রস্তুতি প্রায় শেষ করেছে এবং রাজনৈতিক দলগুলোর সঙ্গে সংলাপ চলছে।
এনজিও নিবন্ধনের প্রক্রিয়া ও অনুদান
১ম পাতার পর
বিদেশি অনুদান গ্রহণের নিয়ম আরও স্বচ্ছ করা হচ্ছে। এনজিও ব্যুরো জানিয়েছে, অনলাইনে আবেদন গ্রহণ করা হবে। বিদেশি অনুদান গ্রহণের নিয়ম আরও স্বচ্ছ করা হচ্ছে। এনজিও ব্যুরো জানিয়েছে, অনলাইনে আবেদন গ্রহণ করা হবে। বিদেশি অনুদান গ্রহণের নিয়ম আরও স্বচ্ছ করা হচ্ছে। এনজিও ব্যুরো জানিয়েছে, অনলাইনে আবেদন গ্রহণ করা হবে। বিদেশি অনুদান গ্রহণের নিয়ম আরও স্বচ্ছ করা হচ্ছে। এনজিও ব্যুরো জানিয়েছে, অনলাইনে আবেদন গ্রহণ করা হবে। বিদেশি অনুদান গ্রহণের নিয়ম আরও স্বচ্ছ করা হচ্ছে। এনজিও ব্যুরো জানিয়েছে, অনলাইনে
যারা লুট করেছেন, তাঁদের ধরেন
১ম পাতার পর
বক্তারা অর্থ পাচারকারীদের আইনের আওতায় আনার দাবি জানান। তারা বলেন, দোষীদের শাস্তি নিশ্চিত না হলে এ ধরনের অপরাধ বন্ধ হবে না। বক্তারা অর্থ পাচারকারীদের আইনের আওতায় আনার দাবি জানান। তারা বলেন, দোষীদের শাস্তি নিশ্চিত না হলে এ ধরনের অপরাধ বন্ধ হবে না। বক্তারা অর্থ পাচারকারীদের আইনের আওতায় আনার দাবি জানান। তারা বলেন, দোষীদের শাস্তি নিশ্চিত না হলে এ ধরনের অপরাধ বন্ধ হবে না। বক্তারা অর্থ পাচারকারীদের আইনের আওতায় আনার দাবি জানান। তারা বলেন, দোষীদের শাস্তি নিশ্চিত না হলে এ ধরনের অপরাধ বন্ধ হবে না। বক্তারা অর্থ পাচারকারীদের আইনের আওতায় আনার দাবি জানান। তারা বলেন, দোষীদের শাস্তি নিশ্চিত না হলে এ ধরনের অপরাধ বন্ধ হবে না।
খালেদা জিয়ার সুস্থতায় দোয়া
১ম পাতার পর
মাহফিলে উপস্থিত ছিলেন দলের স্থানীয় নেতারা। তারা তার দ্রুত সুস্থতা কামনা করেন। মাহফিলে উপস্থিত ছিলেন দলের স্থানীয় নেতারা। তারা তার দ্রুত সুস্থতা কামনা করেন। মাহফিলে উপস্থিত ছিলেন দলের স্থানীয় নেতারা। তারা তার দ্রুত সুস্থতা কামনা করেন। মাহফিলে উপস্থিত ছিলেন দলের স্থানীয় নেতারা। তারা তার দ্রুত সুস্থতা কামনা করেন। মাহফিলে উপস্থিত ছিলেন দলের স্থানীয় নেতারা। তারা তার দ্রুত সুস্থতা কামনা করেন। মাহফিলে উপস্থিত ছিলেন দলের স্থানীয় নেতারা। তারা তার দ্রুত সুস্থতা কামনা করেন। মাহফিলে উপস্থিত ছিলেন দলের স্থানীয় নেতারা। তারা তার দ্রুত সুস্থতা কামনা করেন। মাহফিলে উপস্থিত ছিলেন দলের স্থানীয় নেতারা। তারা তার দ্রুত সুস্থতা কামনা করেন। মাহফিলে উপস্থিত ছিলেন দলের স্থানীয় নেতারা। তারা তার দ্রুত সুস্থতা কামনা করেন। মাহফিলে উপস্থিত ছিলেন দলের স্থানীয় নেতারা। তারা তার দ্রুত সুস্থতা
বিদেশ নেওয়ার মতো অবস্থায়
১ম পাতার পর
নেই বলে জানিয়েছেন চিকিৎসকরা। মেডিকেল বোর্ড বলেছে, শারীরিক অবস্থার উন্নতি হলে উন্নত চিকিৎসার জন্য বিদেশে নেওয়ার বিষয়টি বিবেচনা করা হবে। নেই বলে জানিয়েছেন চিকিৎসকরা। মেডিকেল বোর্ড বলেছে, শারীরিক অবস্থার উন্নতি হলে উন্নত চিকিৎসার জন্য বিদেশে নেওয়ার বিষয়টি বিবেচনা করা হবে। নেই বলে জানিয়েছেন চিকিৎসকরা। মেডিকেল বোর্ড বলেছে, শারীরিক অবস্থার উন্নতি হলে উন্নত চিকিৎসার জন্য বিদেশে নেওয়ার বিষয়টি বিবেচনা করা হবে। নেই বলে জানিয়েছেন চিকিৎসকরা। মেডিকেল বোর্ড বলেছে, শারীরিক অবস্থার উন্নতি হলে উন্নত
